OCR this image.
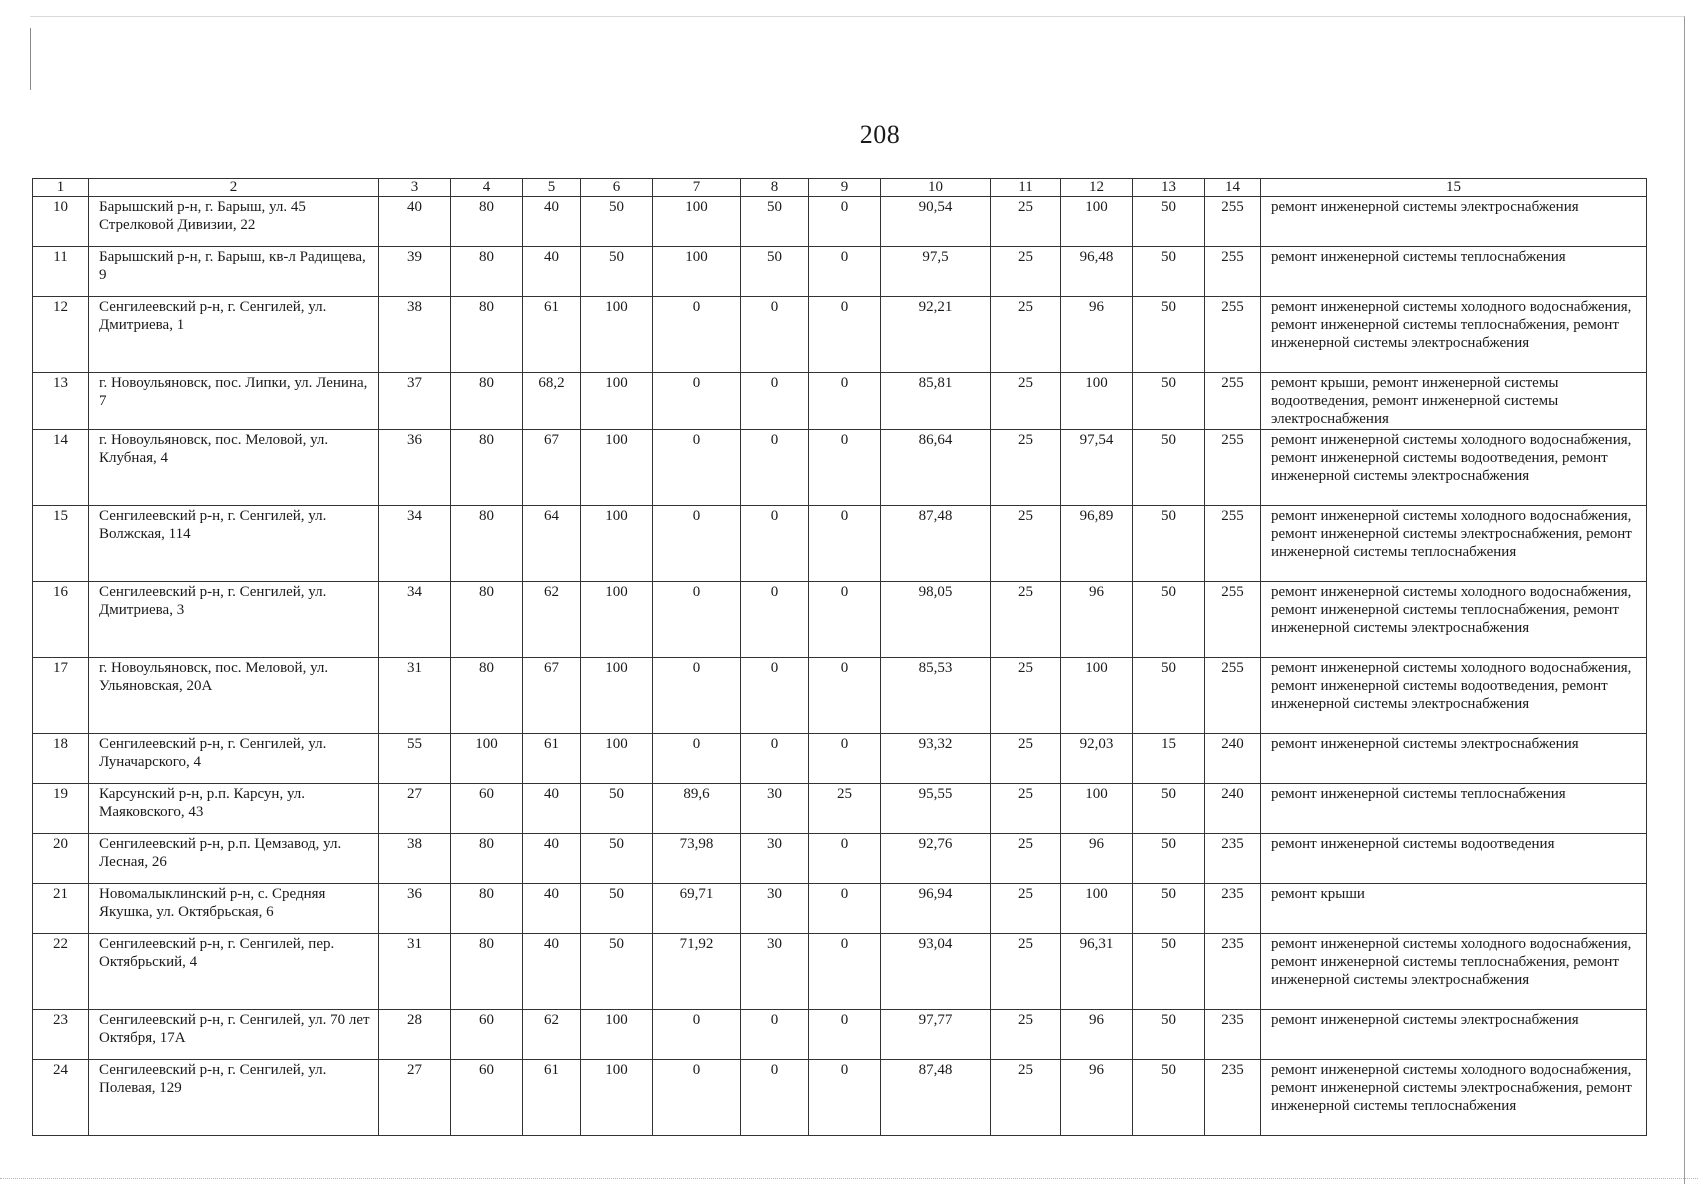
208
1	2	3	4	5	6	7	8	9	10	11	12	13	14	15
10	Барышский р-н, г. Барыш, ул. 45 Стрелковой Дивизии, 22	40	80	40	50	100	50	0	90,54	25	100	50	255	ремонт инженерной системы электроснабжения
11	Барышский р-н, г. Барыш, кв-л Радищева, 9	39	80	40	50	100	50	0	97,5	25	96,48	50	255	ремонт инженерной системы теплоснабжения
12	Сенгилеевский р-н, г. Сенгилей, ул. Дмитриева, 1	38	80	61	100	0	0	0	92,21	25	96	50	255	ремонт инженерной системы холодного водоснабжения, ремонт инженерной системы теплоснабжения, ремонт инженерной системы электроснабжения
13	г. Новоульяновск, пос. Липки, ул. Ленина, 7	37	80	68,2	100	0	0	0	85,81	25	100	50	255	ремонт крыши, ремонт инженерной системы водоотведения, ремонт инженерной системы электроснабжения
14	г. Новоульяновск, пос. Меловой, ул. Клубная, 4	36	80	67	100	0	0	0	86,64	25	97,54	50	255	ремонт инженерной системы холодного водоснабжения, ремонт инженерной системы водоотведения, ремонт инженерной системы электроснабжения
15	Сенгилеевский р-н, г. Сенгилей, ул. Волжская, 114	34	80	64	100	0	0	0	87,48	25	96,89	50	255	ремонт инженерной системы холодного водоснабжения, ремонт инженерной системы электроснабжения, ремонт инженерной системы теплоснабжения
16	Сенгилеевский р-н, г. Сенгилей, ул. Дмитриева, 3	34	80	62	100	0	0	0	98,05	25	96	50	255	ремонт инженерной системы холодного водоснабжения, ремонт инженерной системы теплоснабжения, ремонт инженерной системы электроснабжения
17	г. Новоульяновск, пос. Меловой, ул. Ульяновская, 20А	31	80	67	100	0	0	0	85,53	25	100	50	255	ремонт инженерной системы холодного водоснабжения, ремонт инженерной системы водоотведения, ремонт инженерной системы электроснабжения
18	Сенгилеевский р-н, г. Сенгилей, ул. Луначарского, 4	55	100	61	100	0	0	0	93,32	25	92,03	15	240	ремонт инженерной системы электроснабжения
19	Карсунский р-н, р.п. Карсун, ул. Маяковского, 43	27	60	40	50	89,6	30	25	95,55	25	100	50	240	ремонт инженерной системы теплоснабжения
20	Сенгилеевский р-н, р.п. Цемзавод, ул. Лесная, 26	38	80	40	50	73,98	30	0	92,76	25	96	50	235	ремонт инженерной системы водоотведения
21	Новомалыклинский р-н, с. Средняя Якушка, ул. Октябрьская, 6	36	80	40	50	69,71	30	0	96,94	25	100	50	235	ремонт крыши
22	Сенгилеевский р-н, г. Сенгилей, пер. Октябрьский, 4	31	80	40	50	71,92	30	0	93,04	25	96,31	50	235	ремонт инженерной системы холодного водоснабжения, ремонт инженерной системы теплоснабжения, ремонт инженерной системы электроснабжения
23	Сенгилеевский р-н, г. Сенгилей, ул. 70 лет Октября, 17А	28	60	62	100	0	0	0	97,77	25	96	50	235	ремонт инженерной системы электроснабжения
24	Сенгилеевский р-н, г. Сенгилей, ул. Полевая, 129	27	60	61	100	0	0	0	87,48	25	96	50	235	ремонт инженерной системы холодного водоснабжения, ремонт инженерной системы электроснабжения, ремонт инженерной системы теплоснабжения
